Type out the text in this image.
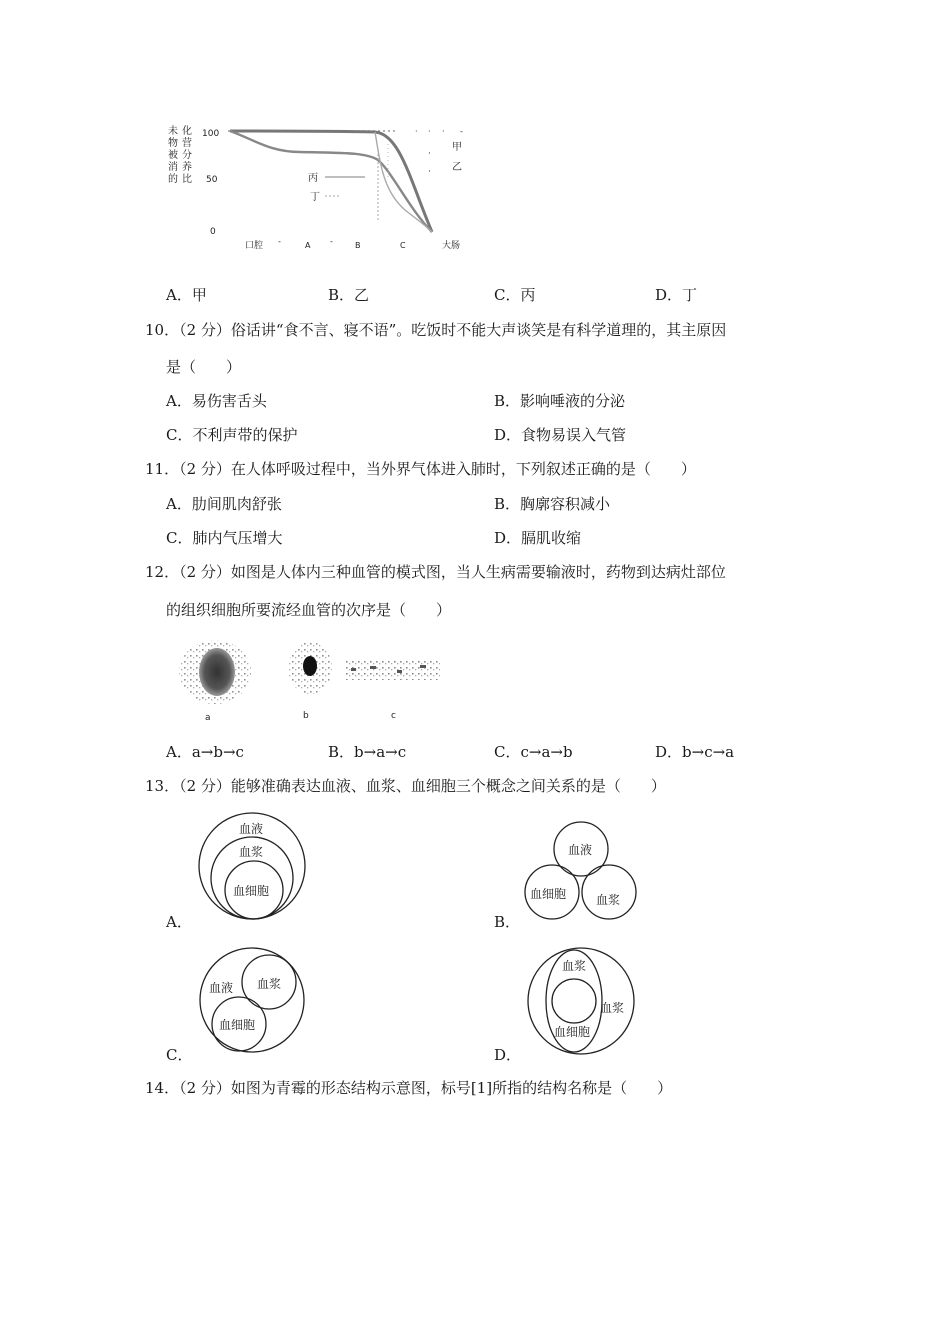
未
物
被
消
的
化
营
分
养
比
100
50
0
· · · -
甲
乙
丙
丁
·
·
口腔 -	A -	B	C	大肠
A．甲	B．乙	C．丙	D．丁
10．（2 分）俗话讲“食不言、寝不语”。吃饭时不能大声谈笑是有科学道理的，其主原因
是（　　）
A．易伤害舌头	B．影响唾液的分泌
C．不利声带的保护	D．食物易误入气管
11．（2 分）在人体呼吸过程中，当外界气体进入肺时，下列叙述正确的是（　　）
A．肋间肌肉舒张	B．胸廓容积减小
C．肺内气压增大	D．膈肌收缩
12．（2 分）如图是人体内三种血管的模式图，当人生病需要输液时，药物到达病灶部位
的组织细胞所要流经血管的次序是（　　）
a	b	c
A．a→b→c	B．b→a→c	C．c→a→b	D．b→c→a
13．（2 分）能够准确表达血液、血浆、血细胞三个概念之间关系的是（　　）
血液
血浆
血细胞
A．
血液
血细胞 血浆
B．
血液 血浆
血细胞
C．
血浆
血浆
血细胞
D．
14．（2 分）如图为青霉的形态结构示意图，标号[1]所指的结构名称是（　　）
